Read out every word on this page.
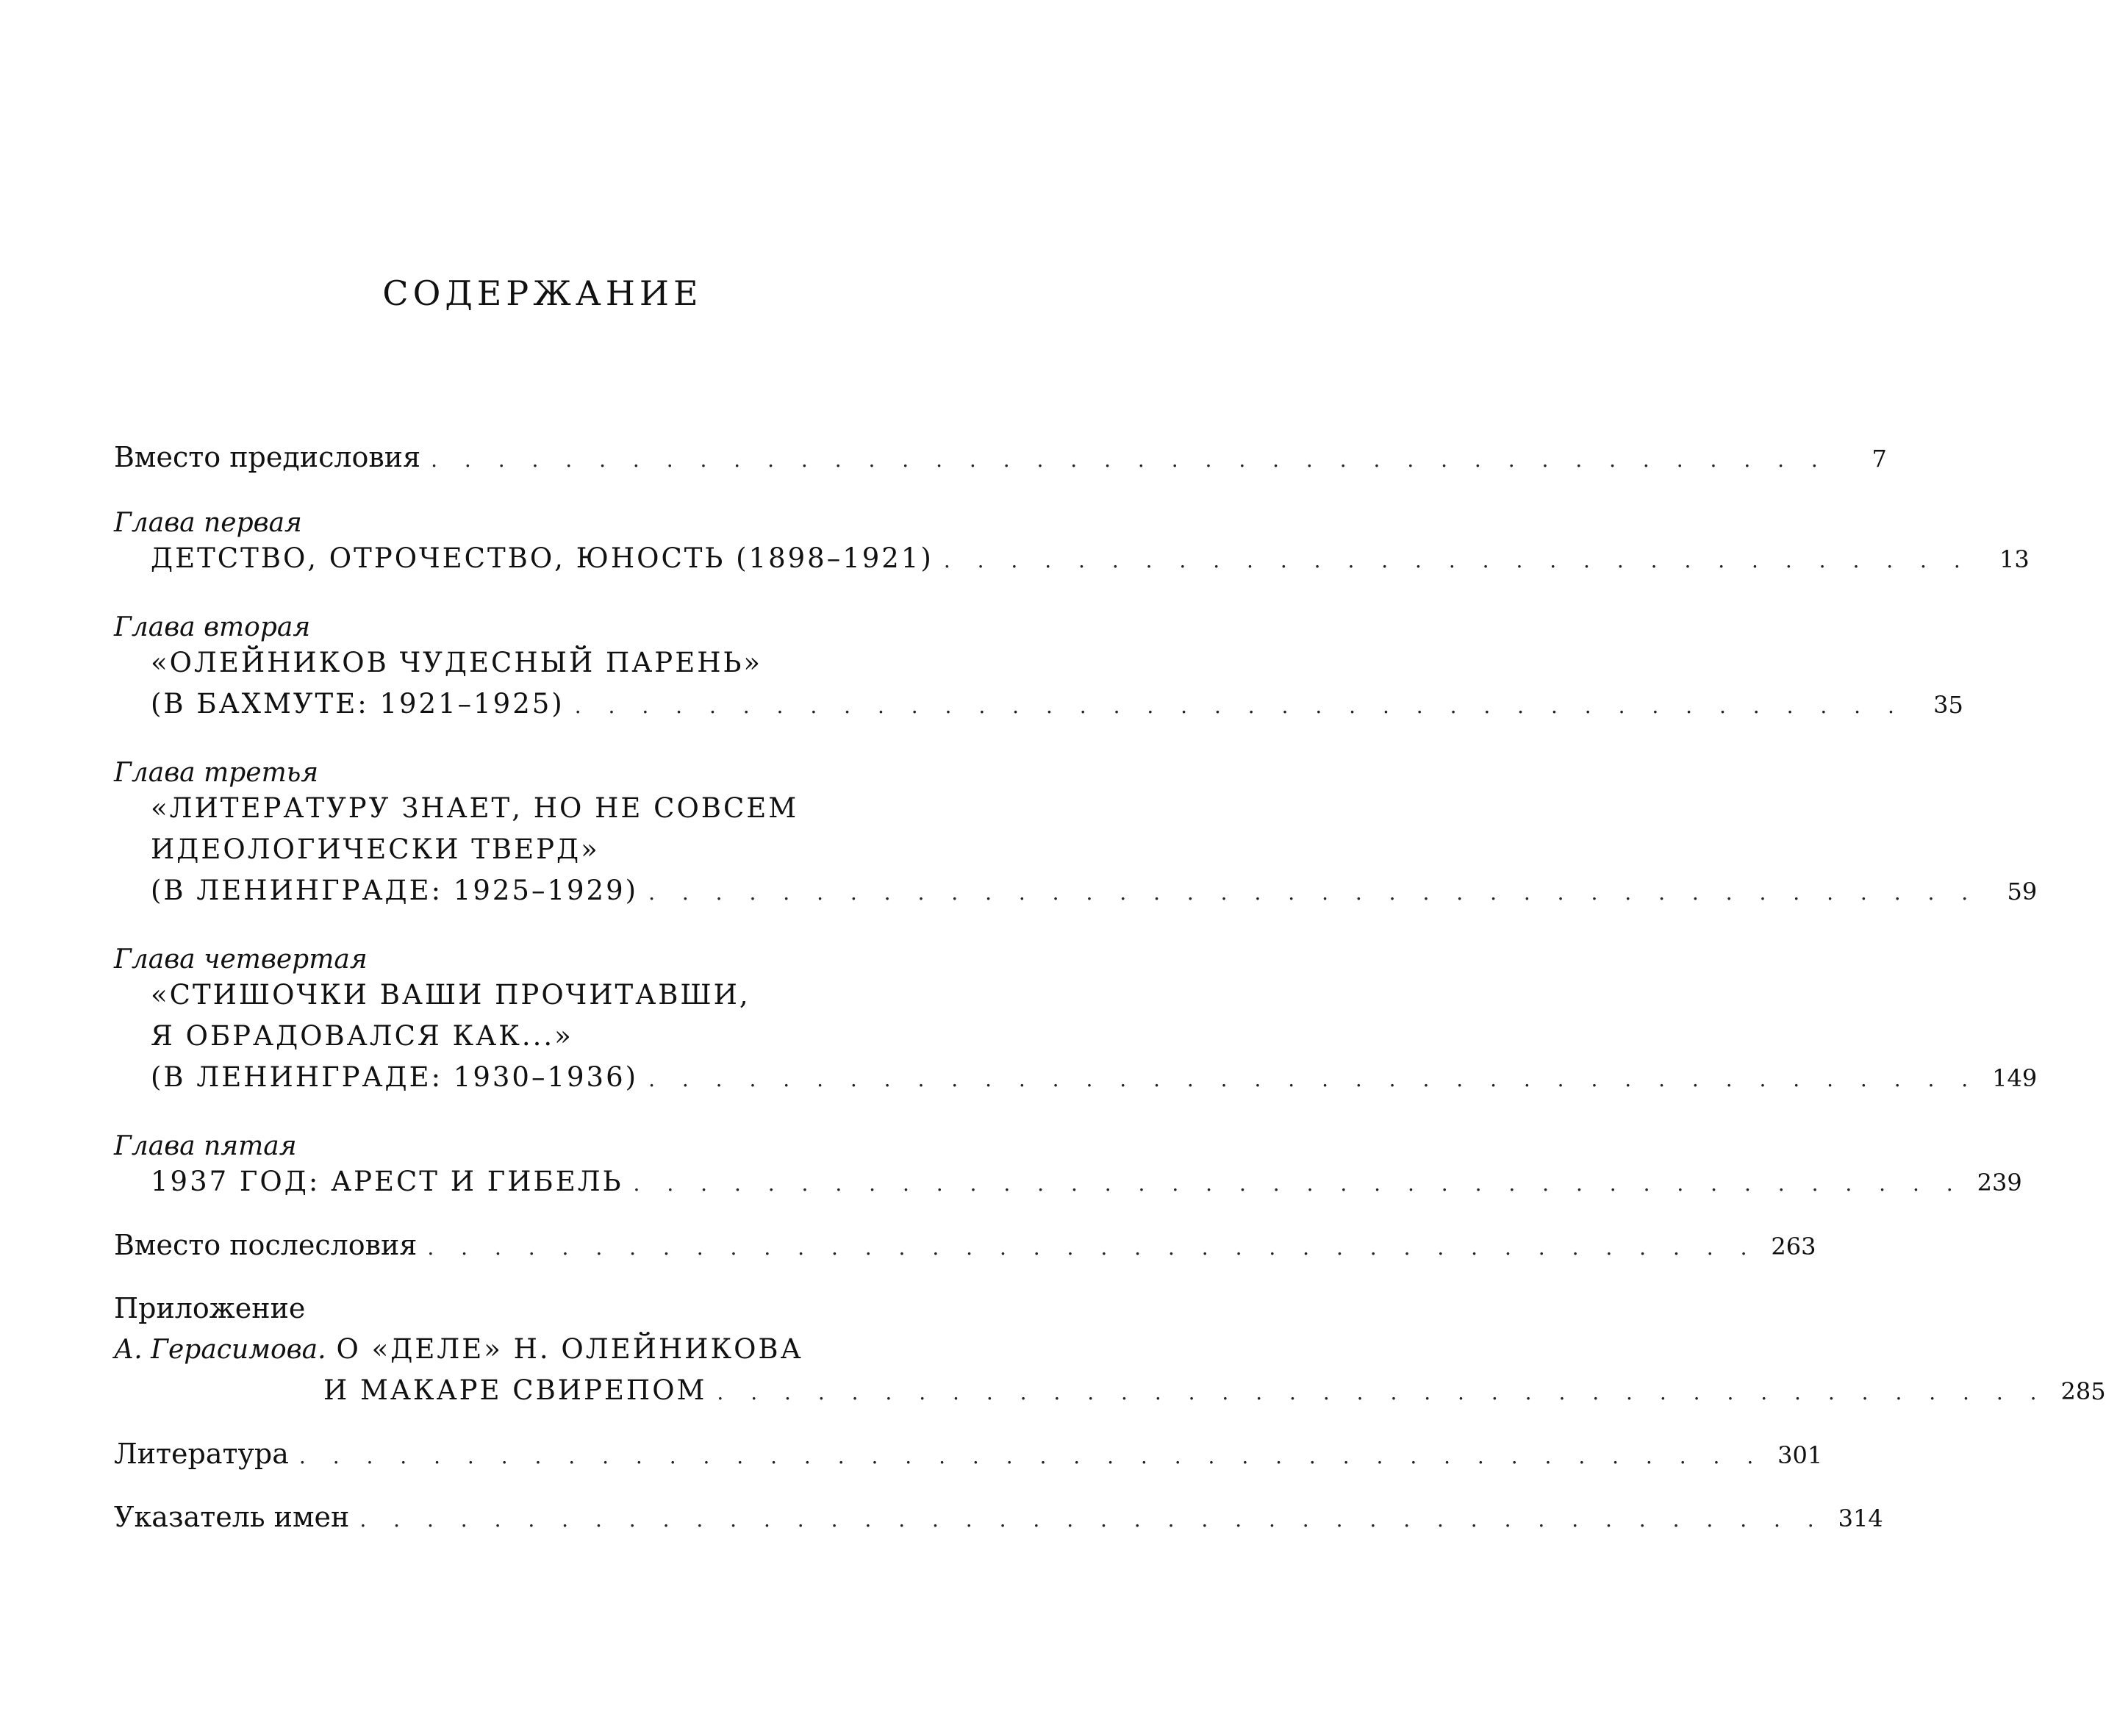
СОДЕРЖАНИЕ
Вместо предисловия . . . . . . . . . . . . . . . . . . . . . . . . . . . . . . . . . . . . . . . . . .	7
Глава первая
ДЕТСТВО, ОТРОЧЕСТВО, ЮНОСТЬ (1898–1921) . . . . . . . . . . . . . . . . . . . . . . . . . . . . . . .	13
Глава вторая
«ОЛЕЙНИКОВ ЧУДЕСНЫЙ ПАРЕНЬ»
(В БАХМУТЕ: 1921–1925) . . . . . . . . . . . . . . . . . . . . . . . . . . . . . . . . . . . . . . . .	35
Глава третья
«ЛИТЕРАТУРУ ЗНАЕТ, НО НЕ СОВСЕМ
ИДЕОЛОГИЧЕСКИ ТВЕРД»
(В ЛЕНИНГРАДЕ: 1925–1929) . . . . . . . . . . . . . . . . . . . . . . . . . . . . . . . . . . . . . . . .	59
Глава четвертая
«СТИШОЧКИ ВАШИ ПРОЧИТАВШИ,
Я ОБРАДОВАЛСЯ КАК...»
(В ЛЕНИНГРАДЕ: 1930–1936) . . . . . . . . . . . . . . . . . . . . . . . . . . . . . . . . . . . . . . . . 149
Глава пятая
1937 ГОД: АРЕСТ И ГИБЕЛЬ . . . . . . . . . . . . . . . . . . . . . . . . . . . . . . . . . . . . . . . . 239
Вместо послесловия . . . . . . . . . . . . . . . . . . . . . . . . . . . . . . . . . . . . . . . . 263
Приложение
А. Герасимова. О «ДЕЛЕ» Н. ОЛЕЙНИКОВА
И МАКАРЕ СВИРЕПОМ . . . . . . . . . . . . . . . . . . . . . . . . . . . . . . . . . . . . . . . . 285
Литература . . . . . . . . . . . . . . . . . . . . . . . . . . . . . . . . . . . . . . . . . . . . 301
Указатель имен . . . . . . . . . . . . . . . . . . . . . . . . . . . . . . . . . . . . . . . . . . . . 314
